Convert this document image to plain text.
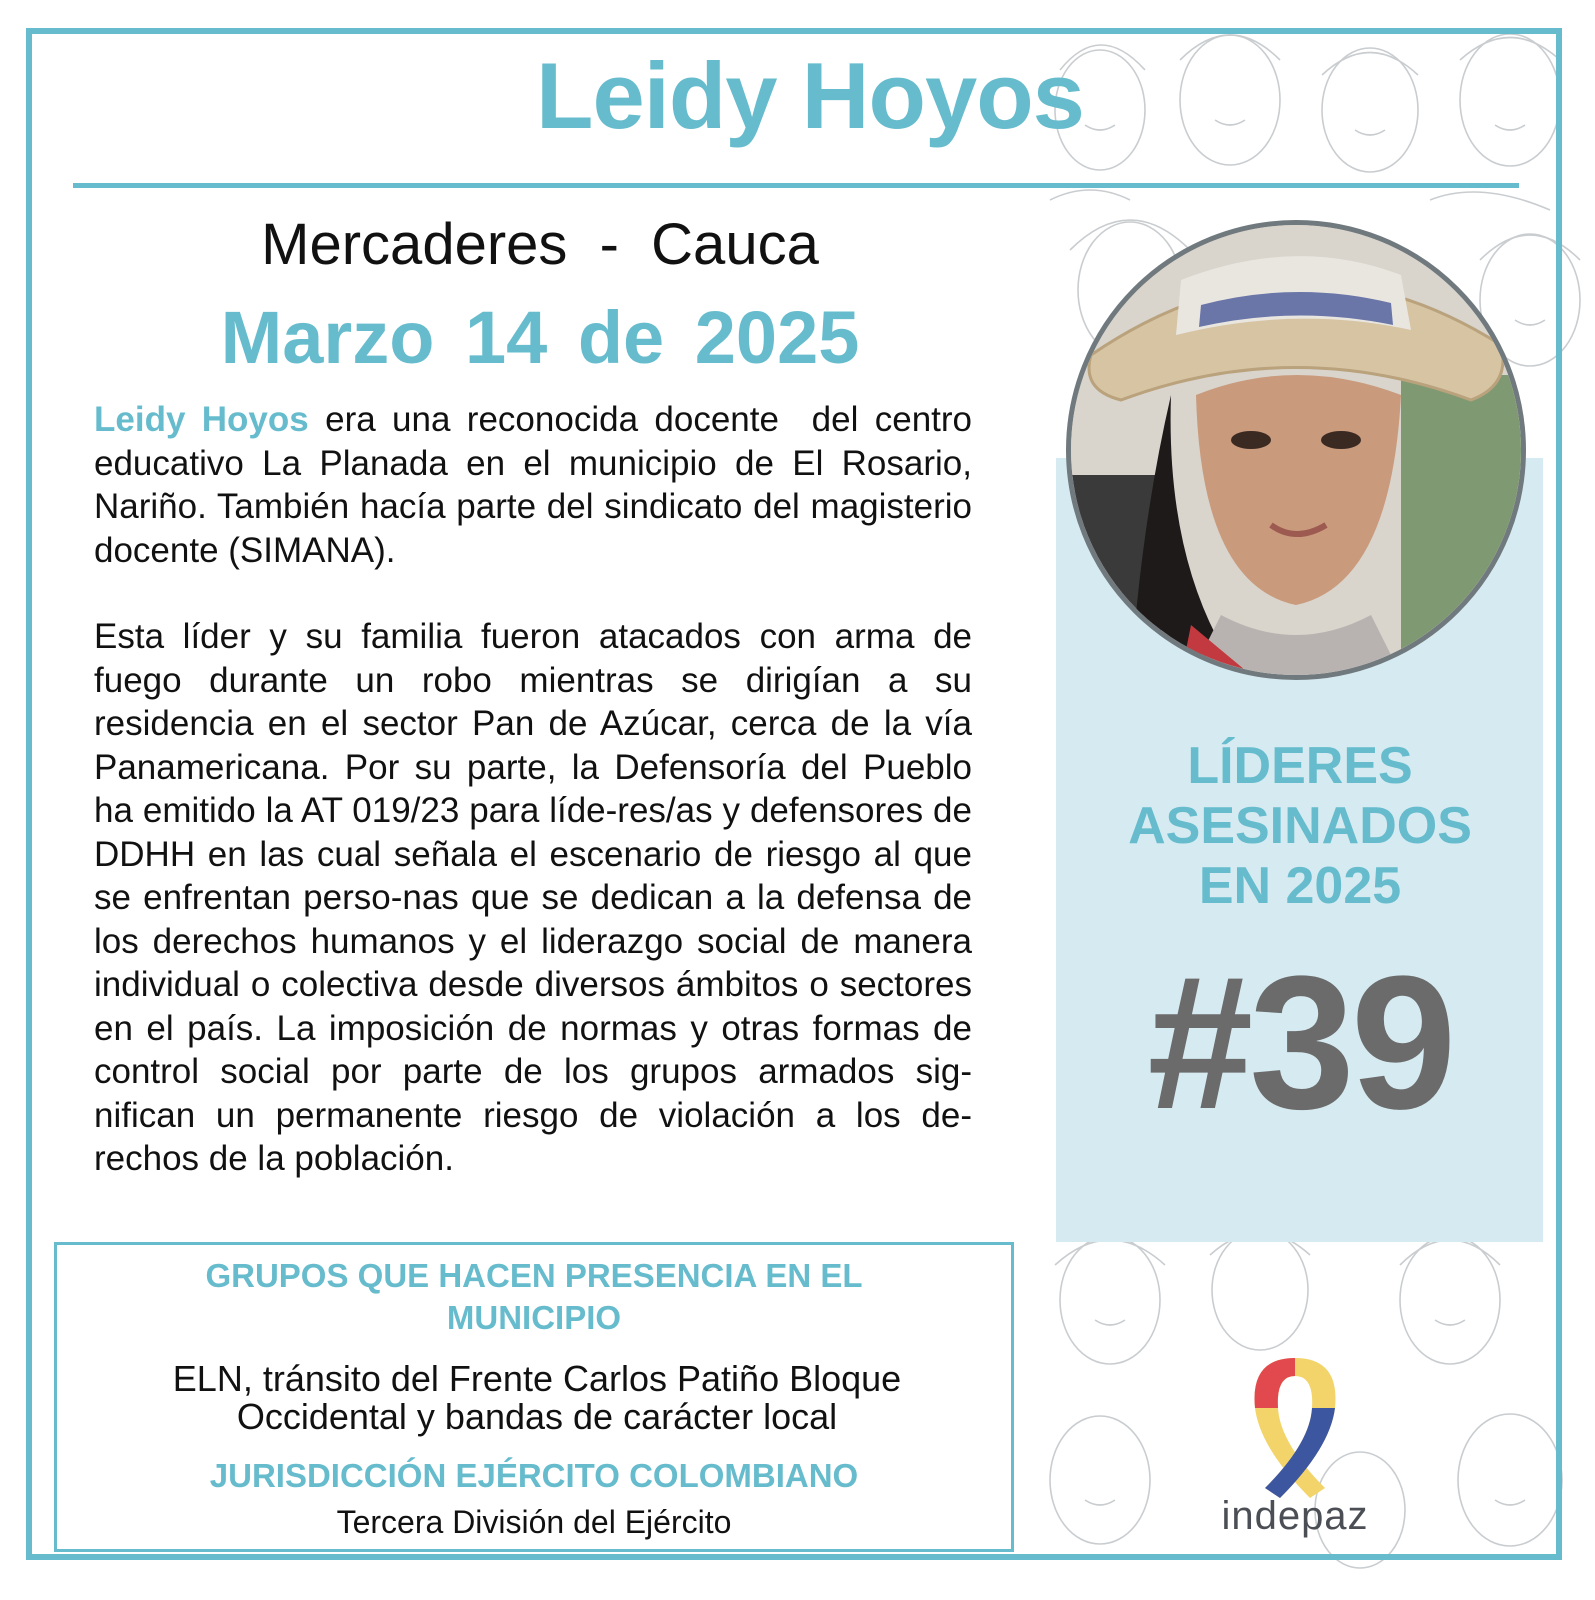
Leidy Hoyos
Mercaderes  -  Cauca
Marzo 14 de 2025

Leidy Hoyos era una reconocida docente  del centro educativo La Planada en el municipio de El Rosario, Nariño. También hacía parte del sindicato del magisterio docente (SIMANA).

Esta líder y su familia fueron atacados con arma de fuego durante un robo mientras se dirigían a su residencia en el sector Pan de Azúcar, cerca de la vía Panamericana. Por su parte, la Defensoría del Pueblo ha emitido la AT 019/23 para líde-res/as y defensores de DDHH en las cual señala el escenario de riesgo al que se enfrentan perso-nas que se dedican a la defensa de los derechos humanos y el liderazgo social de manera individual o colectiva desde diversos ámbitos o sectores en el país. La imposición de normas y otras formas de control social por parte de los grupos armados sig-nifican un permanente riesgo de violación a los de-rechos de la población.

LÍDERES
ASESINADOS
EN 2025
#39
GRUPOS QUE HACEN PRESENCIA EN EL MUNICIPIO
ELN, tránsito del Frente Carlos Patiño Bloque Occidental y bandas de carácter local
JURISDICCIÓN EJÉRCITO COLOMBIANO
Tercera División del Ejército	indepaz
